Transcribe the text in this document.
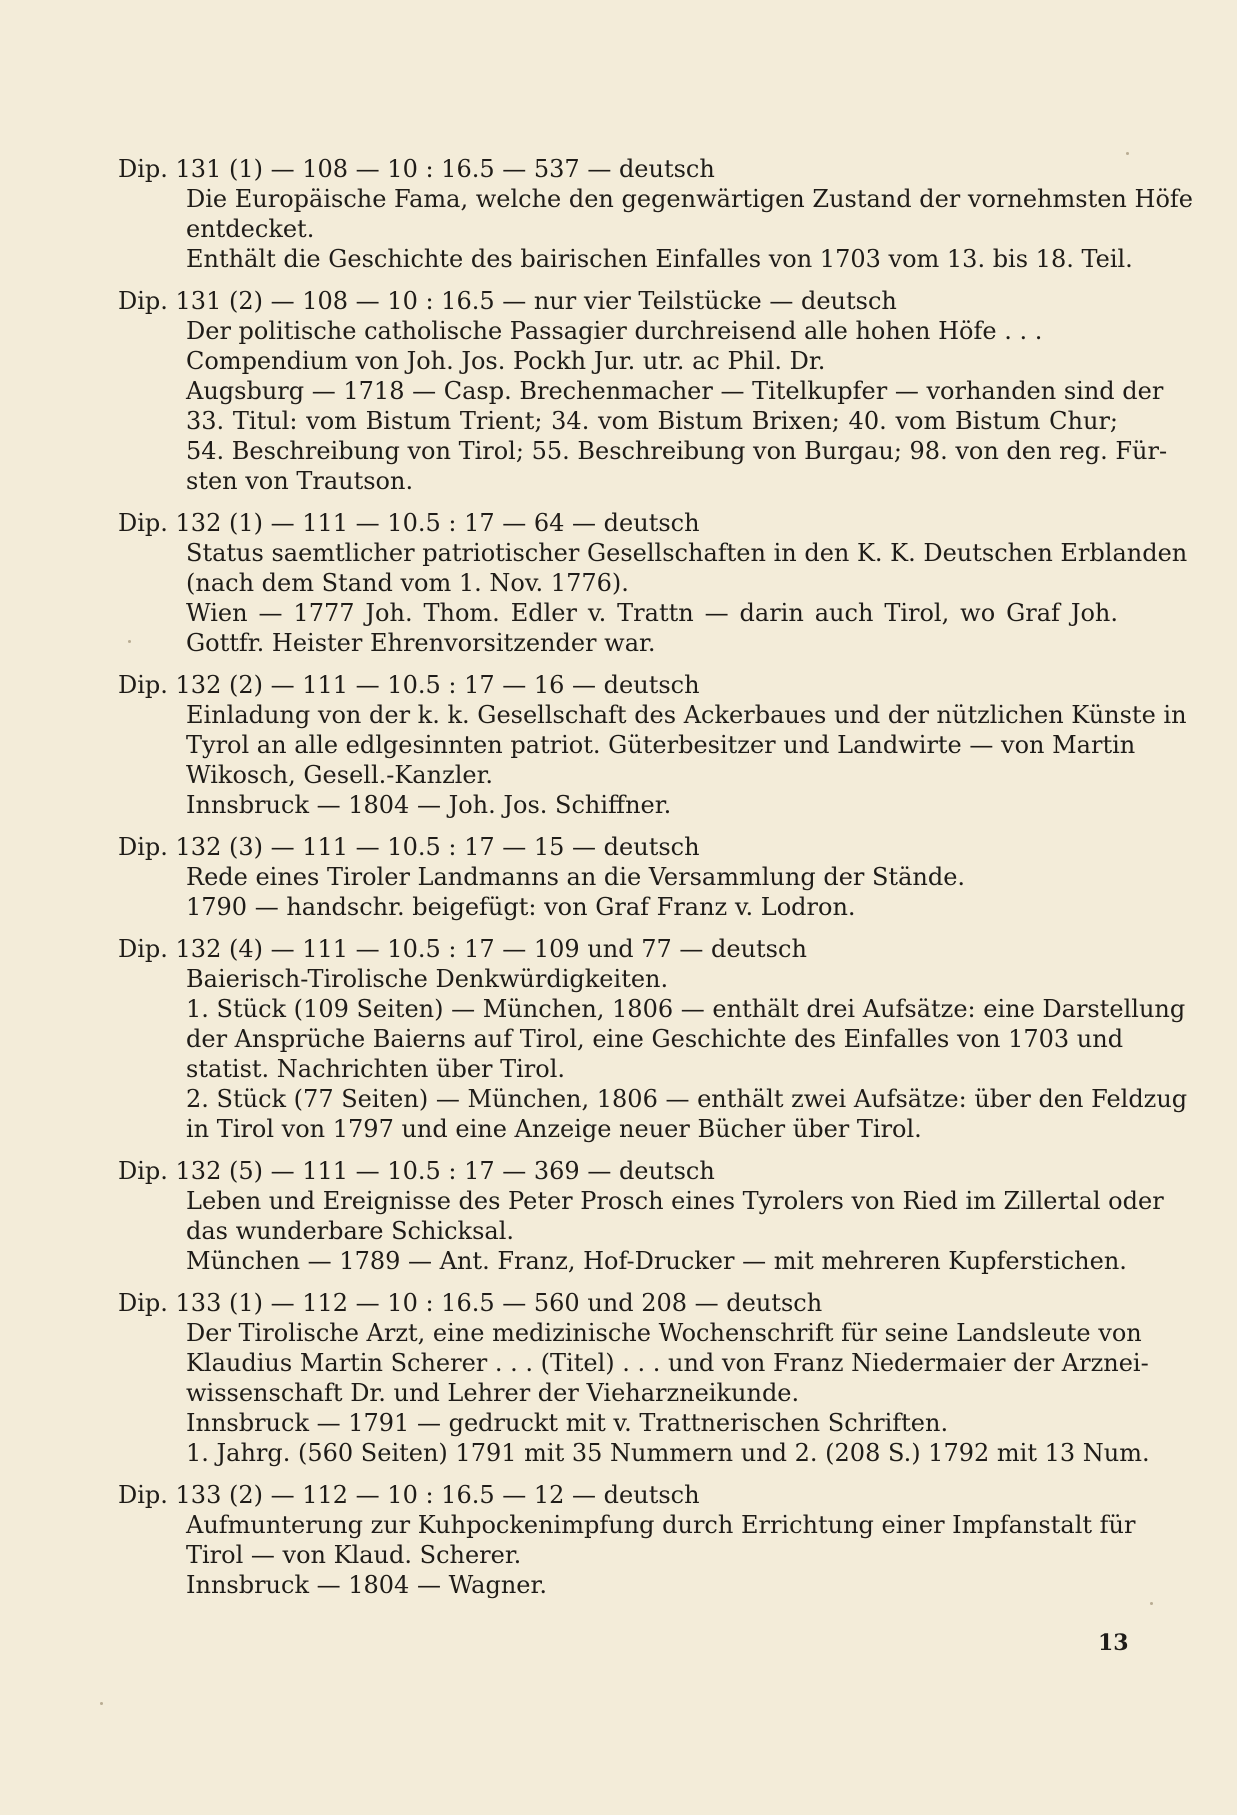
Dip. 131 (1) — 108 — 10 : 16.5 — 537 — deutsch
Die Europäische Fama, welche den gegenwärtigen Zustand der vornehmsten Höfe
entdecket.
Enthält die Geschichte des bairischen Einfalles von 1703 vom 13. bis 18. Teil.
Dip. 131 (2) — 108 — 10 : 16.5 — nur vier Teilstücke — deutsch
Der politische catholische Passagier durchreisend alle hohen Höfe . . .
Compendium von Joh. Jos. Pockh Jur. utr. ac Phil. Dr.
Augsburg — 1718 — Casp. Brechenmacher — Titelkupfer — vorhanden sind der
33. Titul: vom Bistum Trient; 34. vom Bistum Brixen; 40. vom Bistum Chur;
54. Beschreibung von Tirol; 55. Beschreibung von Burgau; 98. von den reg. Für-
sten von Trautson.
Dip. 132 (1) — 111 — 10.5 : 17 — 64 — deutsch
Status saemtlicher patriotischer Gesellschaften in den K. K. Deutschen Erblanden
(nach dem Stand vom 1. Nov. 1776).
Wien — 1777 Joh. Thom. Edler v. Trattn — darin auch Tirol, wo Graf Joh.
Gottfr. Heister Ehrenvorsitzender war.
Dip. 132 (2) — 111 — 10.5 : 17 — 16 — deutsch
Einladung von der k. k. Gesellschaft des Ackerbaues und der nützlichen Künste in
Tyrol an alle edlgesinnten patriot. Güterbesitzer und Landwirte — von Martin
Wikosch, Gesell.-Kanzler.
Innsbruck — 1804 — Joh. Jos. Schiffner.
Dip. 132 (3) — 111 — 10.5 : 17 — 15 — deutsch
Rede eines Tiroler Landmanns an die Versammlung der Stände.
1790 — handschr. beigefügt: von Graf Franz v. Lodron.
Dip. 132 (4) — 111 — 10.5 : 17 — 109 und 77 — deutsch
Baierisch-Tirolische Denkwürdigkeiten.
1. Stück (109 Seiten) — München, 1806 — enthält drei Aufsätze: eine Darstellung
der Ansprüche Baierns auf Tirol, eine Geschichte des Einfalles von 1703 und
statist. Nachrichten über Tirol.
2. Stück (77 Seiten) — München, 1806 — enthält zwei Aufsätze: über den Feldzug
in Tirol von 1797 und eine Anzeige neuer Bücher über Tirol.
Dip. 132 (5) — 111 — 10.5 : 17 — 369 — deutsch
Leben und Ereignisse des Peter Prosch eines Tyrolers von Ried im Zillertal oder
das wunderbare Schicksal.
München — 1789 — Ant. Franz, Hof-Drucker — mit mehreren Kupferstichen.
Dip. 133 (1) — 112 — 10 : 16.5 — 560 und 208 — deutsch
Der Tirolische Arzt, eine medizinische Wochenschrift für seine Landsleute von
Klaudius Martin Scherer . . . (Titel) . . . und von Franz Niedermaier der Arznei-
wissenschaft Dr. und Lehrer der Vieharzneikunde.
Innsbruck — 1791 — gedruckt mit v. Trattnerischen Schriften.
1. Jahrg. (560 Seiten) 1791 mit 35 Nummern und 2. (208 S.) 1792 mit 13 Num.
Dip. 133 (2) — 112 — 10 : 16.5 — 12 — deutsch
Aufmunterung zur Kuhpockenimpfung durch Errichtung einer Impfanstalt für
Tirol — von Klaud. Scherer.
Innsbruck — 1804 — Wagner.
13
